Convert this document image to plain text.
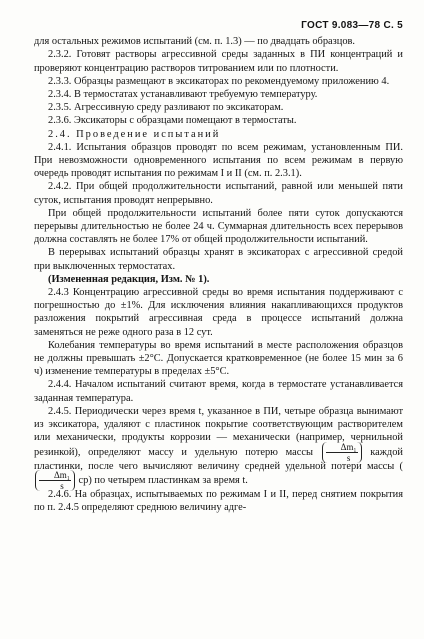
ГОСТ 9.083—78 С. 5

для остальных режимов испытаний (см. п. 1.3) — по двадцать образцов.

2.3.2. Готовят растворы агрессивной среды заданных в ПИ концентраций и проверяют концентрацию растворов титрованием или по плотности.

2.3.3. Образцы размещают в эксикаторах по рекомендуемому приложению 4.

2.3.4. В термостатах устанавливают требуемую температуру.

2.3.5. Агрессивную среду разливают по эксикаторам.

2.3.6. Эксикаторы с образцами помещают в термостаты.

2.4. Проведение испытаний

2.4.1. Испытания образцов проводят по всем режимам, установленным ПИ. При невозможности одновременного испытания по всем режимам в первую очередь проводят испытания по режимам I и II (см. п. 2.3.1).

2.4.2. При общей продолжительности испытаний, равной или меньшей пяти суток, испытания проводят непрерывно.

При общей продолжительности испытаний более пяти суток допускаются перерывы длительностью не более 24 ч. Суммарная длительность всех перерывов должна составлять не более 17% от общей продолжительности испытаний.

В перерывах испытаний образцы хранят в эксикаторах с агрессивной средой при выключенных термостатах.

(Измененная редакция, Изм. № 1).

2.4.3 Концентрацию агрессивной среды во время испытания поддерживают с погрешностью до ±1%. Для исключения влияния накапливающихся продуктов разложения покрытий агрессивная среда в процессе испытаний должна заменяться не реже одного раза в 12 сут.

Колебания температуры во время испытаний в месте расположения образцов не должны превышать ±2°С. Допускается кратковременное (не более 15 мин за 6 ч) изменение температуры в пределах ±5°С.

2.4.4. Началом испытаний считают время, когда в термостате устанавливается заданная температура.

2.4.5. Периодически через время t, указанное в ПИ, четыре образца вынимают из эксикатора, удаляют с пластинок покрытие соответствующим растворителем или механически, продукты коррозии — механически (например, чернильной резинкой), определяют массу и удельную потерю массы $\frac{\text{Δm₁}}{s}$ каждой пластинки, после чего вычисляют величину средней удельной потери массы (
$\frac{\text{Δm₁}}{s} ср$) по четырем пластинкам за время t.

2.4.6. На образцах, испытываемых по режимам I и II, перед снятием покрытия по п. 2.4.5 определяют среднюю величину адге-
